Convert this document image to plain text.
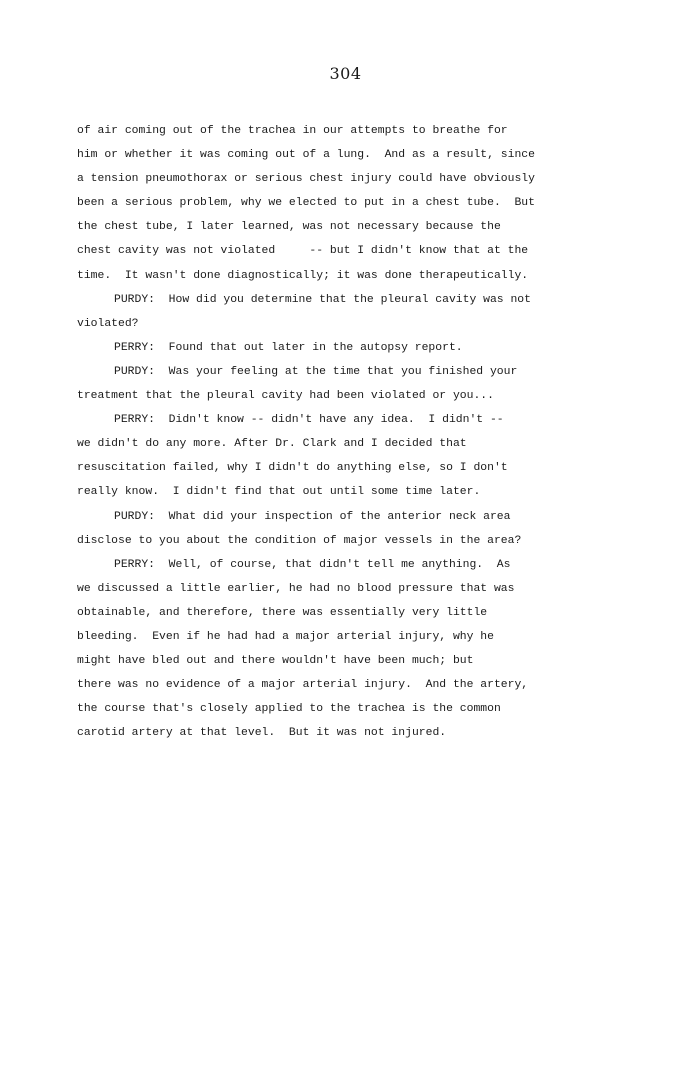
304
of air coming out of the trachea in our attempts to breathe for
him or whether it was coming out of a lung.  And as a result, since
a tension pneumothorax or serious chest injury could have obviously
been a serious problem, why we elected to put in a chest tube.  But
the chest tube, I later learned, was not necessary because the
chest cavity was not violated     -- but I didn't know that at the
time.  It wasn't done diagnostically; it was done therapeutically.
PURDY:  How did you determine that the pleural cavity was not
violated?
PERRY:  Found that out later in the autopsy report.
PURDY:  Was your feeling at the time that you finished your
treatment that the pleural cavity had been violated or you...
PERRY:  Didn't know -- didn't have any idea.  I didn't --
we didn't do any more. After Dr. Clark and I decided that
resuscitation failed, why I didn't do anything else, so I don't
really know.  I didn't find that out until some time later.
PURDY:  What did your inspection of the anterior neck area
disclose to you about the condition of major vessels in the area?
PERRY:  Well, of course, that didn't tell me anything.  As
we discussed a little earlier, he had no blood pressure that was
obtainable, and therefore, there was essentially very little
bleeding.  Even if he had had a major arterial injury, why he
might have bled out and there wouldn't have been much; but
there was no evidence of a major arterial injury.  And the artery,
the course that's closely applied to the trachea is the common
carotid artery at that level.  But it was not injured.
